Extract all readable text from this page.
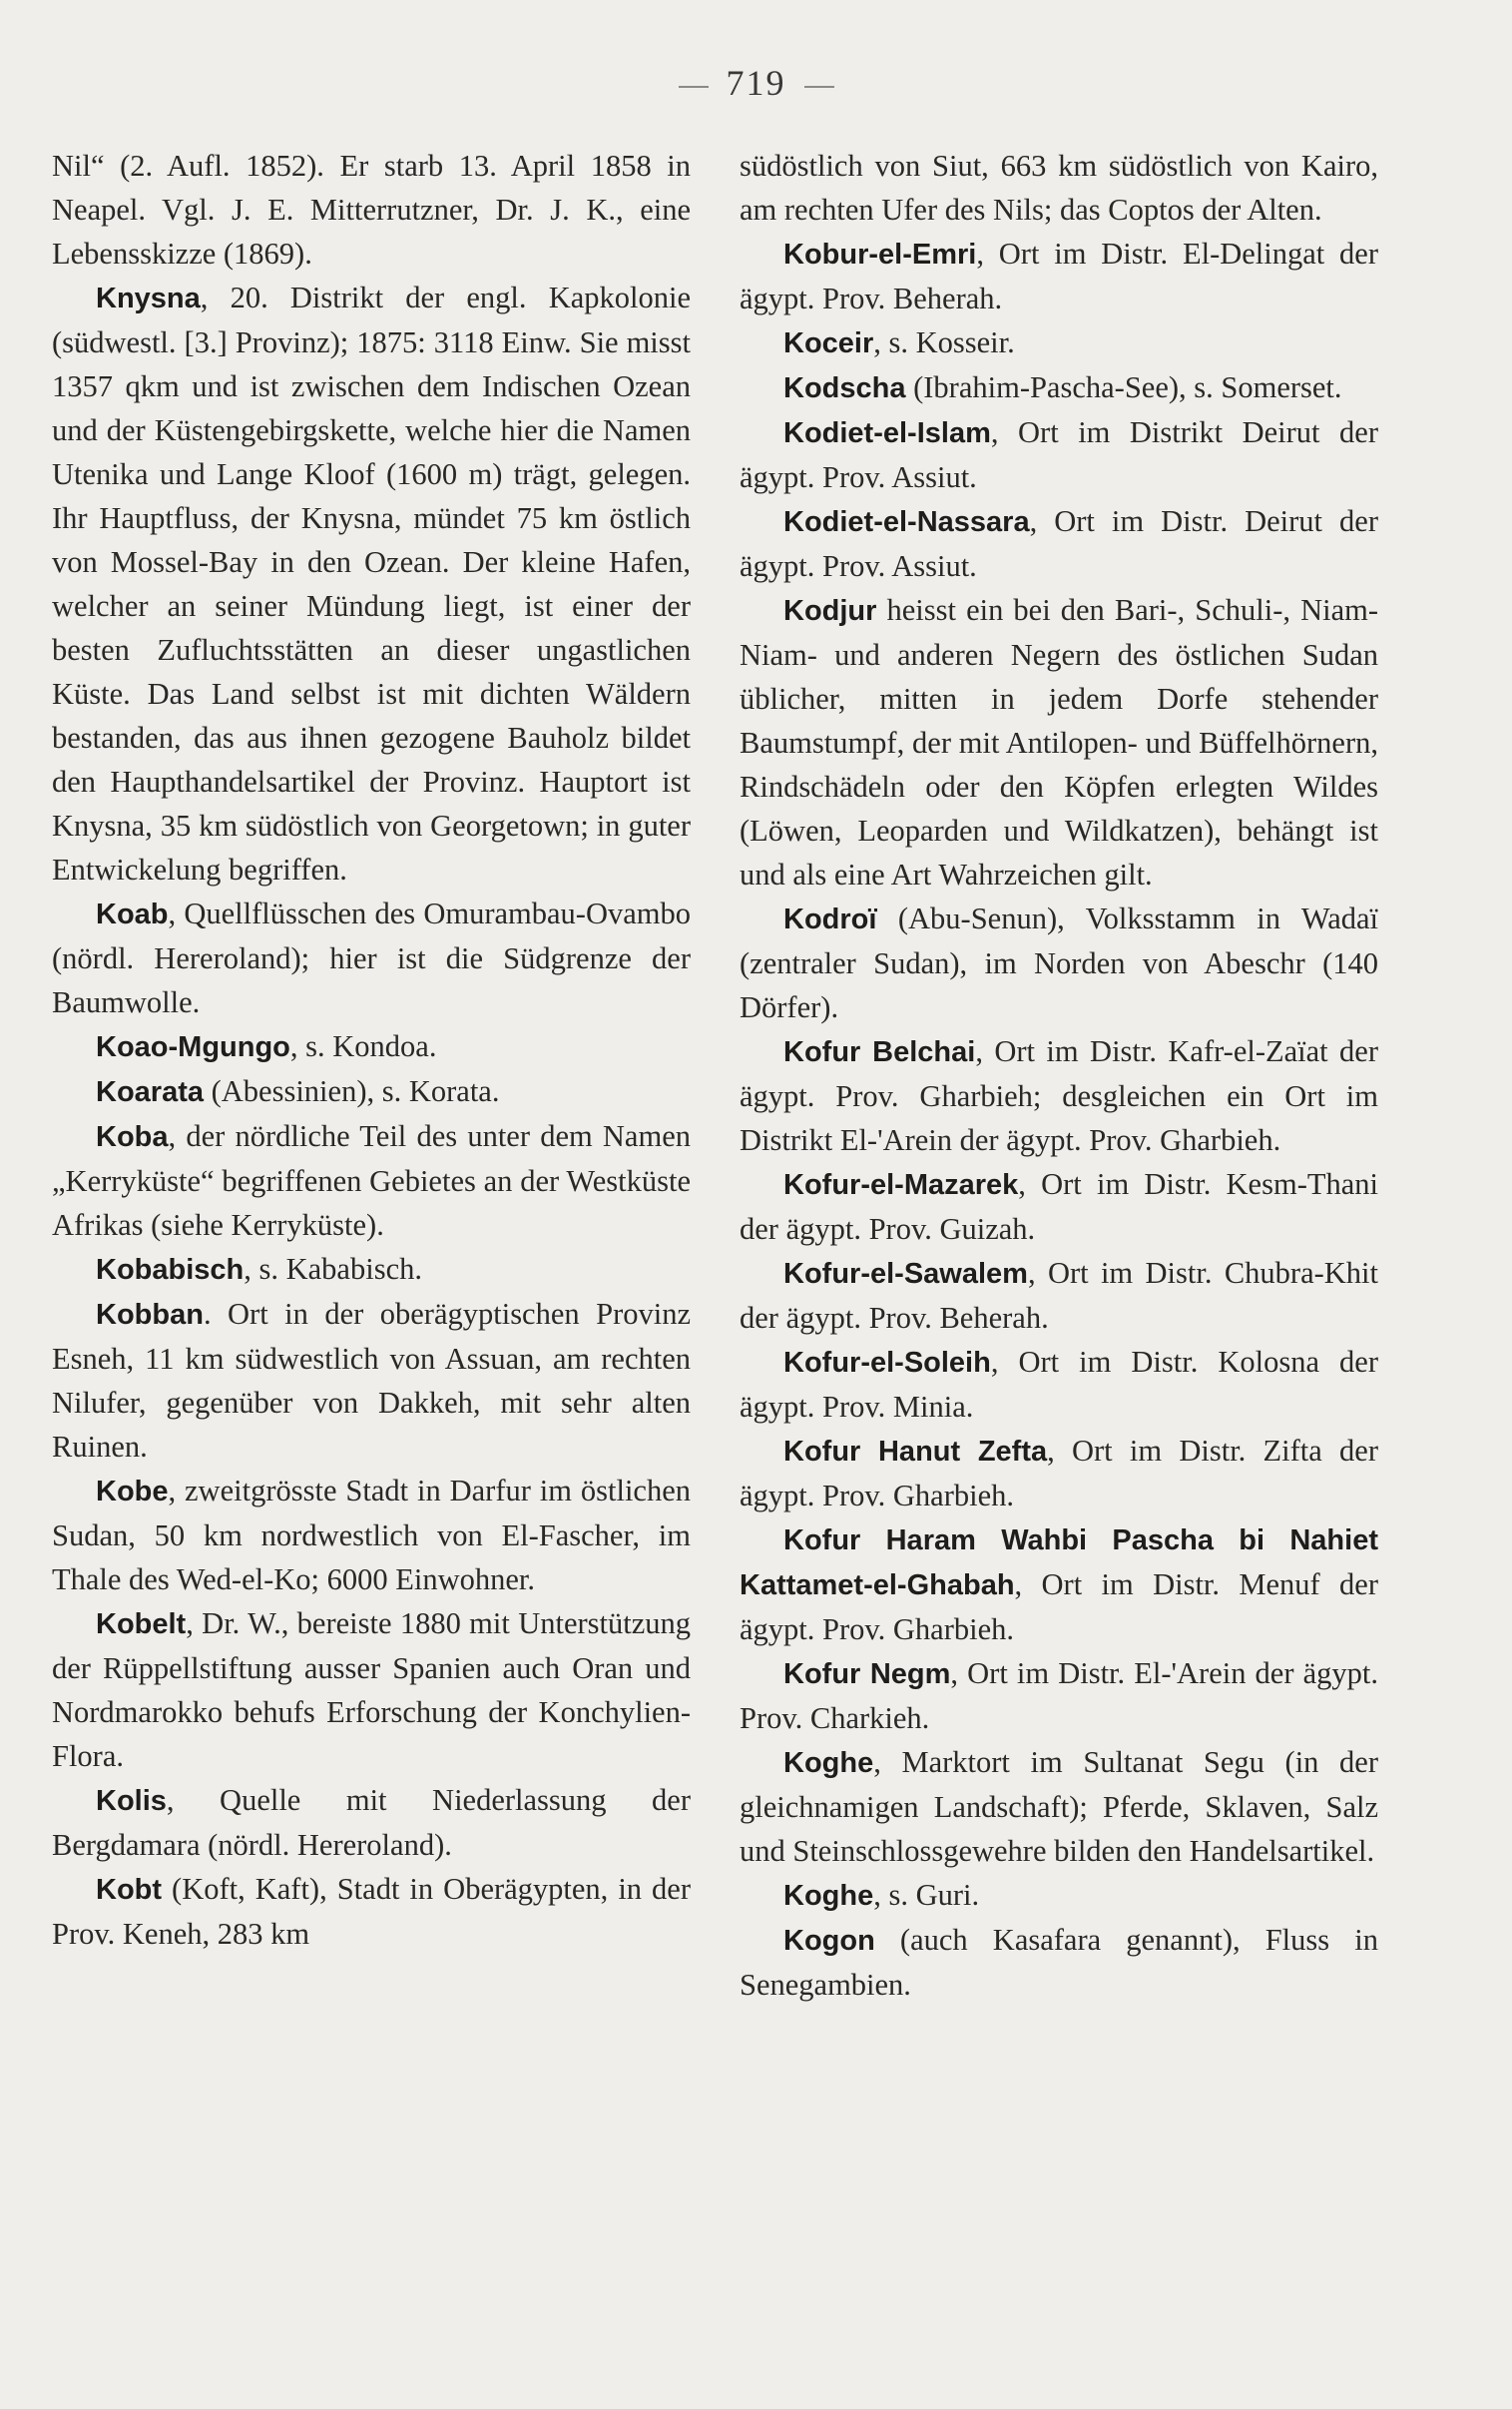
719

Nil“ (2. Aufl. 1852). Er starb 13. April 1858 in Neapel. Vgl. J. E. Mitterrutzner, Dr. J. K., eine Lebensskizze (1869).

Knysna, 20. Distrikt der engl. Kapkolonie (südwestl. [3.] Provinz); 1875: 3118 Einw. Sie misst 1357 qkm und ist zwischen dem Indischen Ozean und der Küstengebirgskette, welche hier die Namen Utenika und Lange Kloof (1600 m) trägt, gelegen. Ihr Hauptfluss, der Knysna, mündet 75 km östlich von Mossel-Bay in den Ozean. Der kleine Hafen, welcher an seiner Mündung liegt, ist einer der besten Zufluchtsstätten an dieser ungastlichen Küste. Das Land selbst ist mit dichten Wäldern bestanden, das aus ihnen gezogene Bauholz bildet den Haupthandelsartikel der Provinz. Hauptort ist Knysna, 35 km südöstlich von Georgetown; in guter Entwickelung begriffen.

Koab, Quellflüsschen des Omurambau-Ovambo (nördl. Hereroland); hier ist die Südgrenze der Baumwolle.

Koao-Mgungo, s. Kondoa.

Koarata (Abessinien), s. Korata.

Koba, der nördliche Teil des unter dem Namen „Kerryküste“ begriffenen Gebietes an der Westküste Afrikas (siehe Kerryküste).

Kobabisch, s. Kababisch.

Kobban. Ort in der oberägyptischen Provinz Esneh, 11 km südwestlich von Assuan, am rechten Nilufer, gegenüber von Dakkeh, mit sehr alten Ruinen.

Kobe, zweitgrösste Stadt in Darfur im östlichen Sudan, 50 km nordwestlich von El-Fascher, im Thale des Wed-el-Ko; 6000 Einwohner.

Kobelt, Dr. W., bereiste 1880 mit Unterstützung der Rüppellstiftung ausser Spanien auch Oran und Nordmarokko behufs Erforschung der Konchylien-Flora.

Kolis, Quelle mit Niederlassung der Bergdamara (nördl. Hereroland).

Kobt (Koft, Kaft), Stadt in Oberägypten, in der Prov. Keneh, 283 km

südöstlich von Siut, 663 km südöstlich von Kairo, am rechten Ufer des Nils; das Coptos der Alten.

Kobur-el-Emri, Ort im Distr. El-Delingat der ägypt. Prov. Beherah.

Koceir, s. Kosseir.

Kodscha (Ibrahim-Pascha-See), s. Somerset.

Kodiet-el-Islam, Ort im Distrikt Deirut der ägypt. Prov. Assiut.

Kodiet-el-Nassara, Ort im Distr. Deirut der ägypt. Prov. Assiut.

Kodjur heisst ein bei den Bari-, Schuli-, Niam-Niam- und anderen Negern des östlichen Sudan üblicher, mitten in jedem Dorfe stehender Baumstumpf, der mit Antilopen- und Büffelhörnern, Rindschädeln oder den Köpfen erlegten Wildes (Löwen, Leoparden und Wildkatzen), behängt ist und als eine Art Wahrzeichen gilt.

Kodroï (Abu-Senun), Volksstamm in Wadaï (zentraler Sudan), im Norden von Abeschr (140 Dörfer).

Kofur Belchai, Ort im Distr. Kafr-el-Zaïat der ägypt. Prov. Gharbieh; desgleichen ein Ort im Distrikt El-'Arein der ägypt. Prov. Gharbieh.

Kofur-el-Mazarek, Ort im Distr. Kesm-Thani der ägypt. Prov. Guizah.

Kofur-el-Sawalem, Ort im Distr. Chubra-Khit der ägypt. Prov. Beherah.

Kofur-el-Soleih, Ort im Distr. Kolosna der ägypt. Prov. Minia.

Kofur Hanut Zefta, Ort im Distr. Zifta der ägypt. Prov. Gharbieh.

Kofur Haram Wahbi Pascha bi Nahiet Kattamet-el-Ghabah, Ort im Distr. Menuf der ägypt. Prov. Gharbieh.

Kofur Negm, Ort im Distr. El-'Arein der ägypt. Prov. Charkieh.

Koghe, Marktort im Sultanat Segu (in der gleichnamigen Landschaft); Pferde, Sklaven, Salz und Steinschlossgewehre bilden den Handelsartikel.

Koghe, s. Guri.

Kogon (auch Kasafara genannt), Fluss in Senegambien.
